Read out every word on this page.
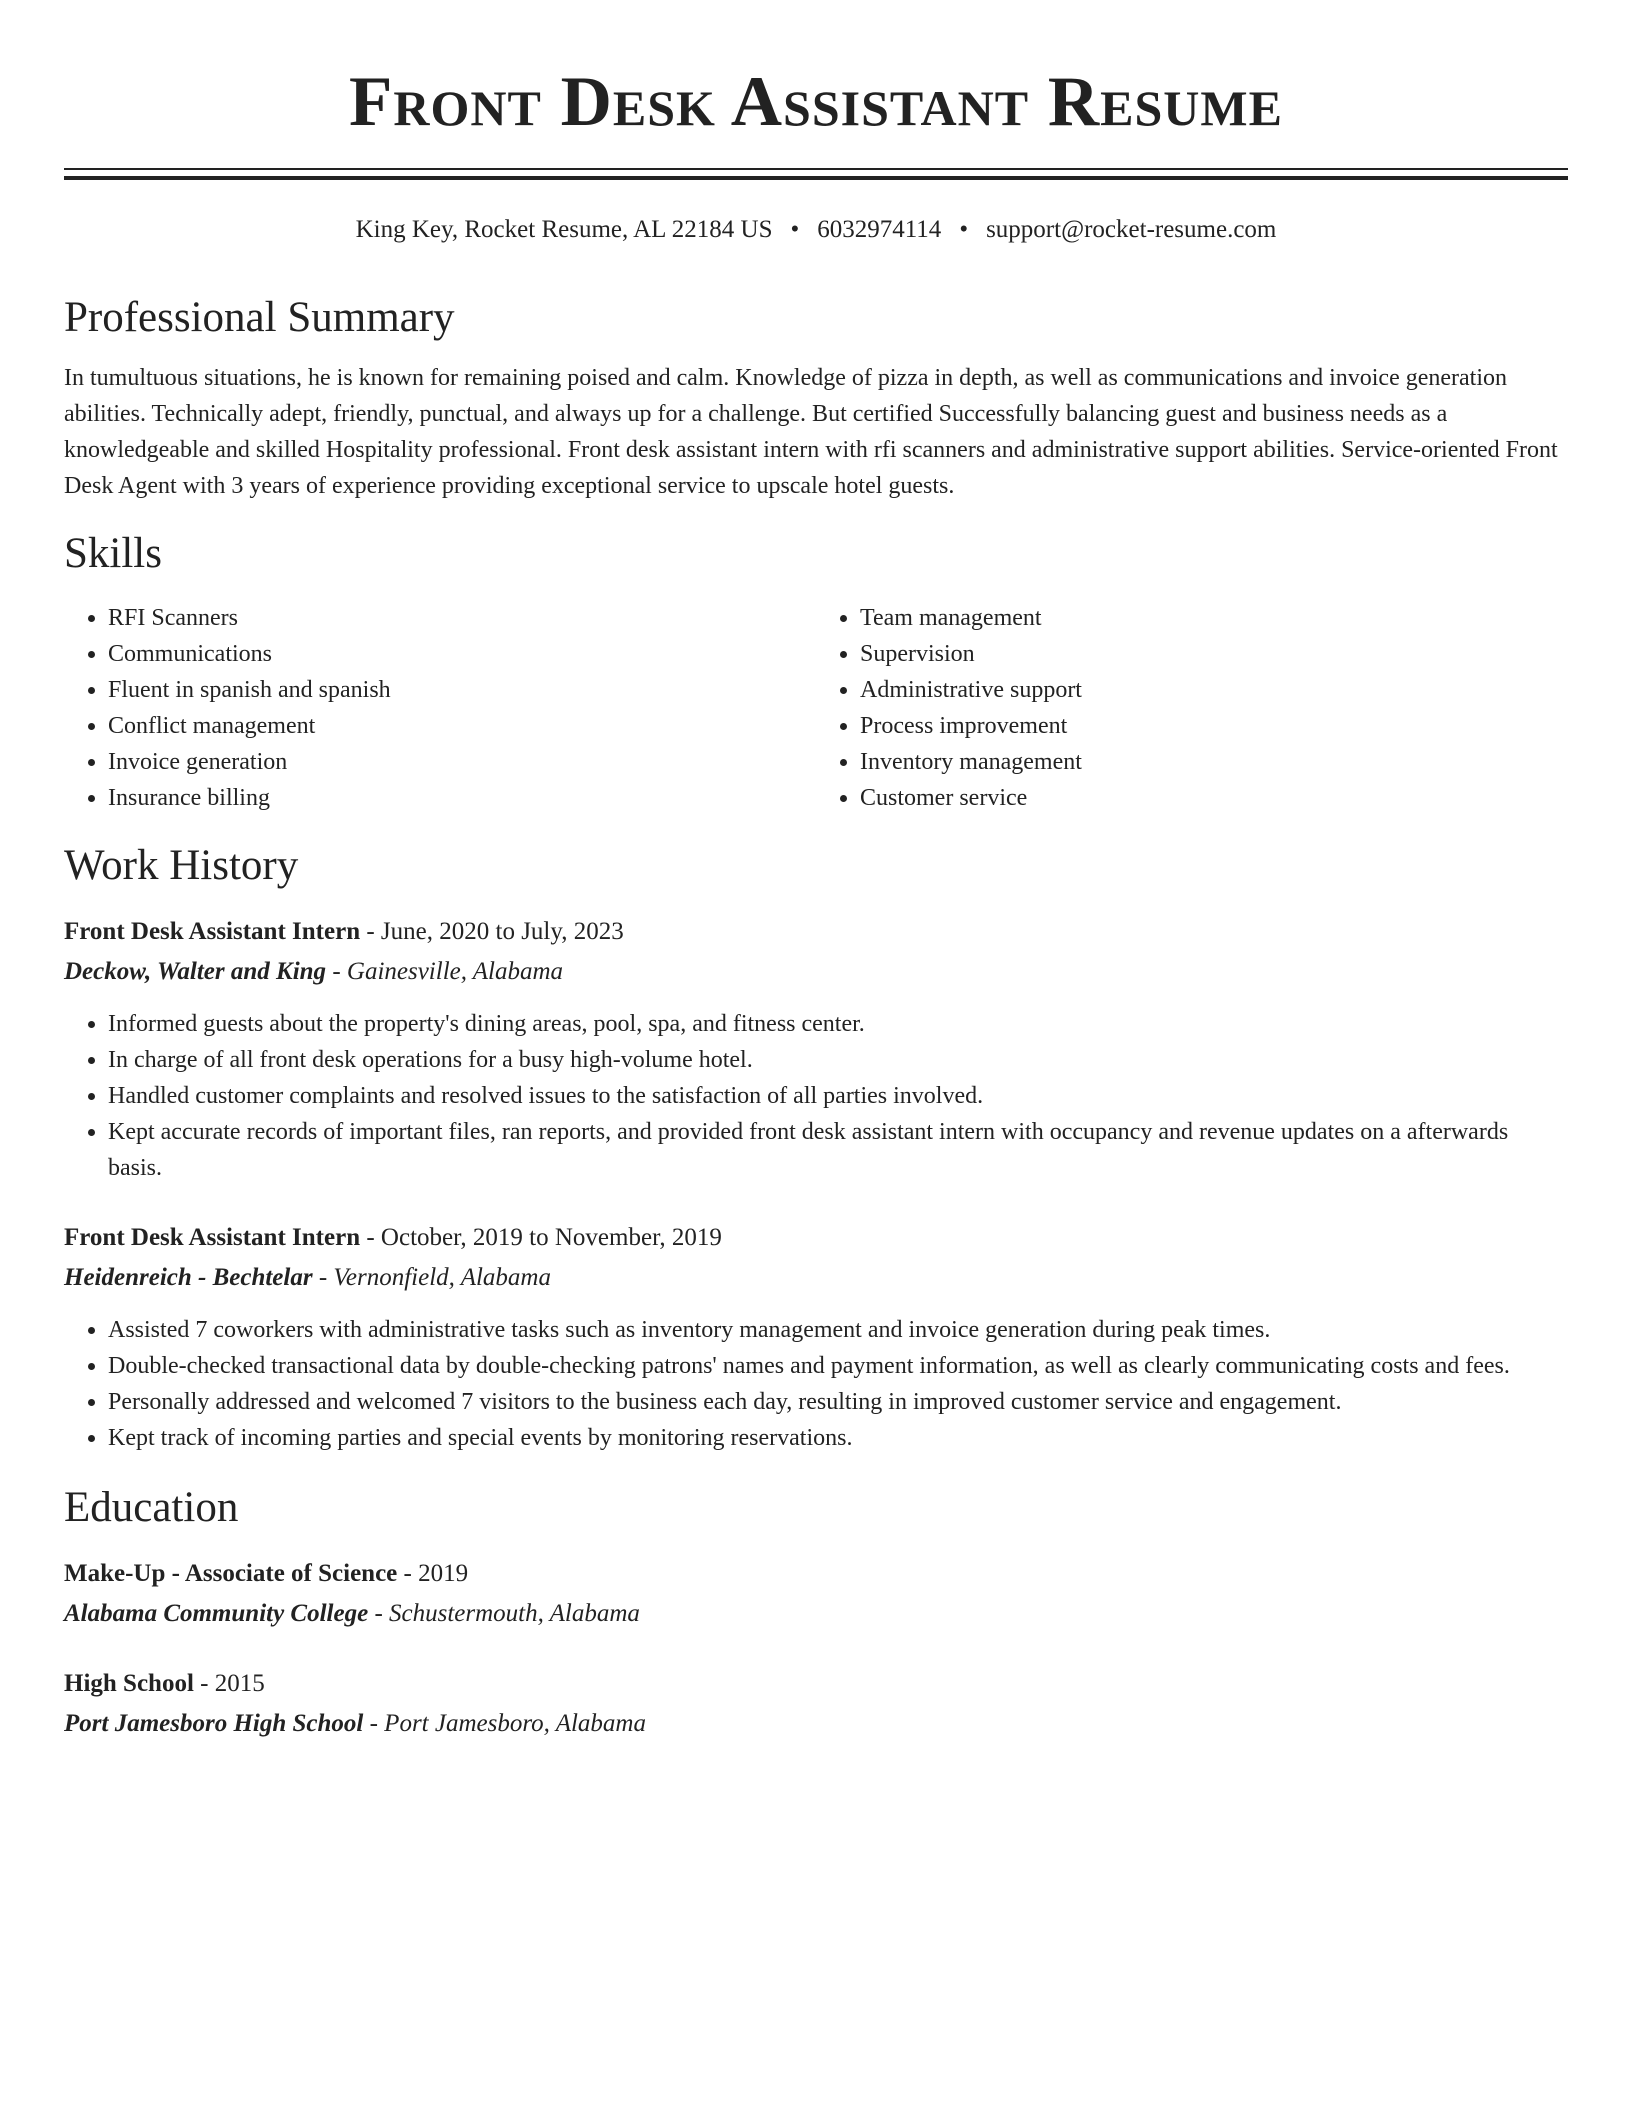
Front Desk Assistant Resume
King Key, Rocket Resume, AL 22184 US • 6032974114 • support@rocket-resume.com
Professional Summary

In tumultuous situations, he is known for remaining poised and calm. Knowledge of pizza in depth, as well as communications and invoice generation abilities. Technically adept, friendly, punctual, and always up for a challenge. But certified Successfully balancing guest and business needs as a knowledgeable and skilled Hospitality professional. Front desk assistant intern with rfi scanners and administrative support abilities. Service-oriented Front Desk Agent with 3 years of experience providing exceptional service to upscale hotel guests.

Skills
• RFI Scanners
• Communications
• Fluent in spanish and spanish
• Conflict management
• Invoice generation
• Insurance billing
• Team management
• Supervision
• Administrative support
• Process improvement
• Inventory management
• Customer service
Work History
Front Desk Assistant Intern - June, 2020 to July, 2023
Deckow, Walter and King - Gainesville, Alabama
• Informed guests about the property's dining areas, pool, spa, and fitness center.
• In charge of all front desk operations for a busy high-volume hotel.
• Handled customer complaints and resolved issues to the satisfaction of all parties involved.
• Kept accurate records of important files, ran reports, and provided front desk assistant intern with occupancy and revenue updates on a afterwards basis.
Front Desk Assistant Intern - October, 2019 to November, 2019
Heidenreich - Bechtelar - Vernonfield, Alabama
• Assisted 7 coworkers with administrative tasks such as inventory management and invoice generation during peak times.
• Double-checked transactional data by double-checking patrons' names and payment information, as well as clearly communicating costs and fees.
• Personally addressed and welcomed 7 visitors to the business each day, resulting in improved customer service and engagement.
• Kept track of incoming parties and special events by monitoring reservations.
Education
Make-Up - Associate of Science - 2019
Alabama Community College - Schustermouth, Alabama
High School - 2015
Port Jamesboro High School - Port Jamesboro, Alabama
